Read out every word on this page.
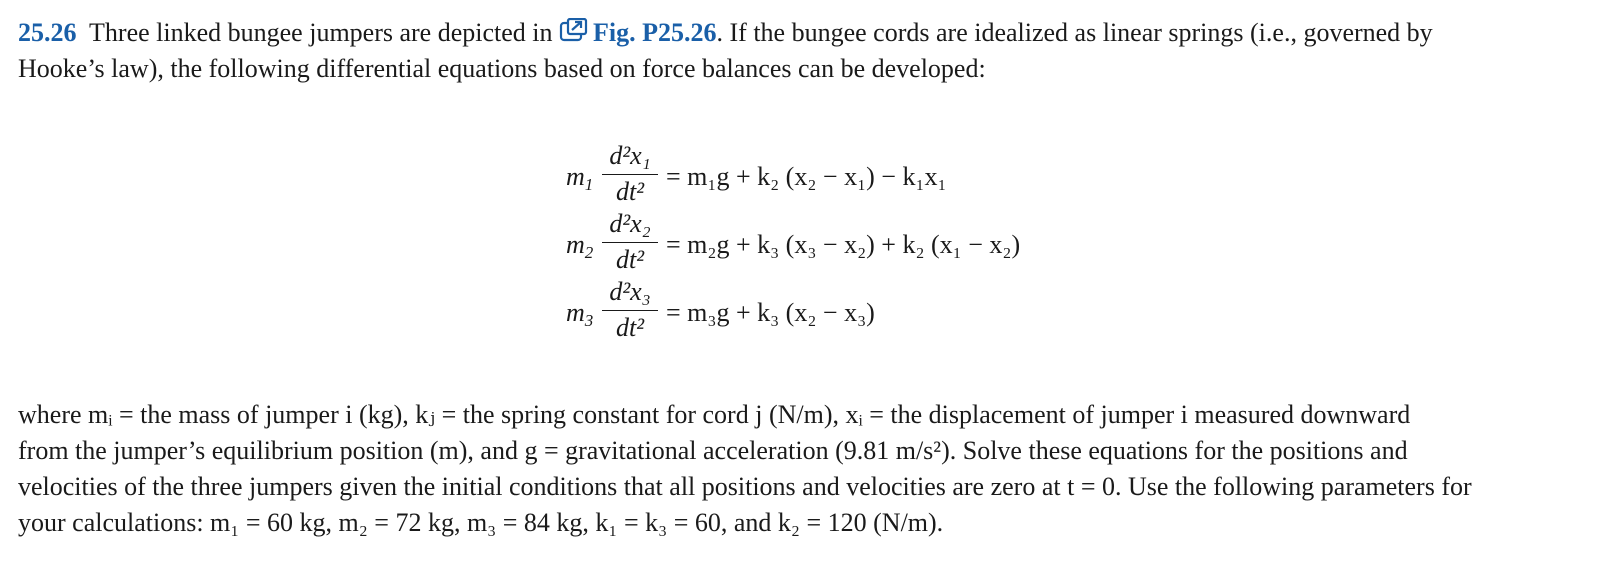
25.26 Three linked bungee jumpers are depicted in Fig. P25.26. If the bungee cords are idealized as linear springs (i.e., governed by
Hooke’s law), the following differential equations based on force balances can be developed:
$m_1$
d²x₁
dt²
= m₁g + k₂ (x₂ − x₁) − k₁x₁
$m_2$
d²x₂
dt²
= m₂g + k₃ (x₃ − x₂) + k₂ (x₁ − x₂)
$m_3$
d²x₃
dt²
= m₃g + k₃ (x₂ − x₃)
where mᵢ = the mass of jumper i (kg), kⱼ = the spring constant for cord j (N/m), xᵢ = the displacement of jumper i measured downward
from the jumper’s equilibrium position (m), and g = gravitational acceleration (9.81 m/s²). Solve these equations for the positions and
velocities of the three jumpers given the initial conditions that all positions and velocities are zero at t = 0. Use the following parameters for
your calculations: m₁ = 60 kg, m₂ = 72 kg, m₃ = 84 kg, k₁ = k₃ = 60, and k₂ = 120 (N/m).
